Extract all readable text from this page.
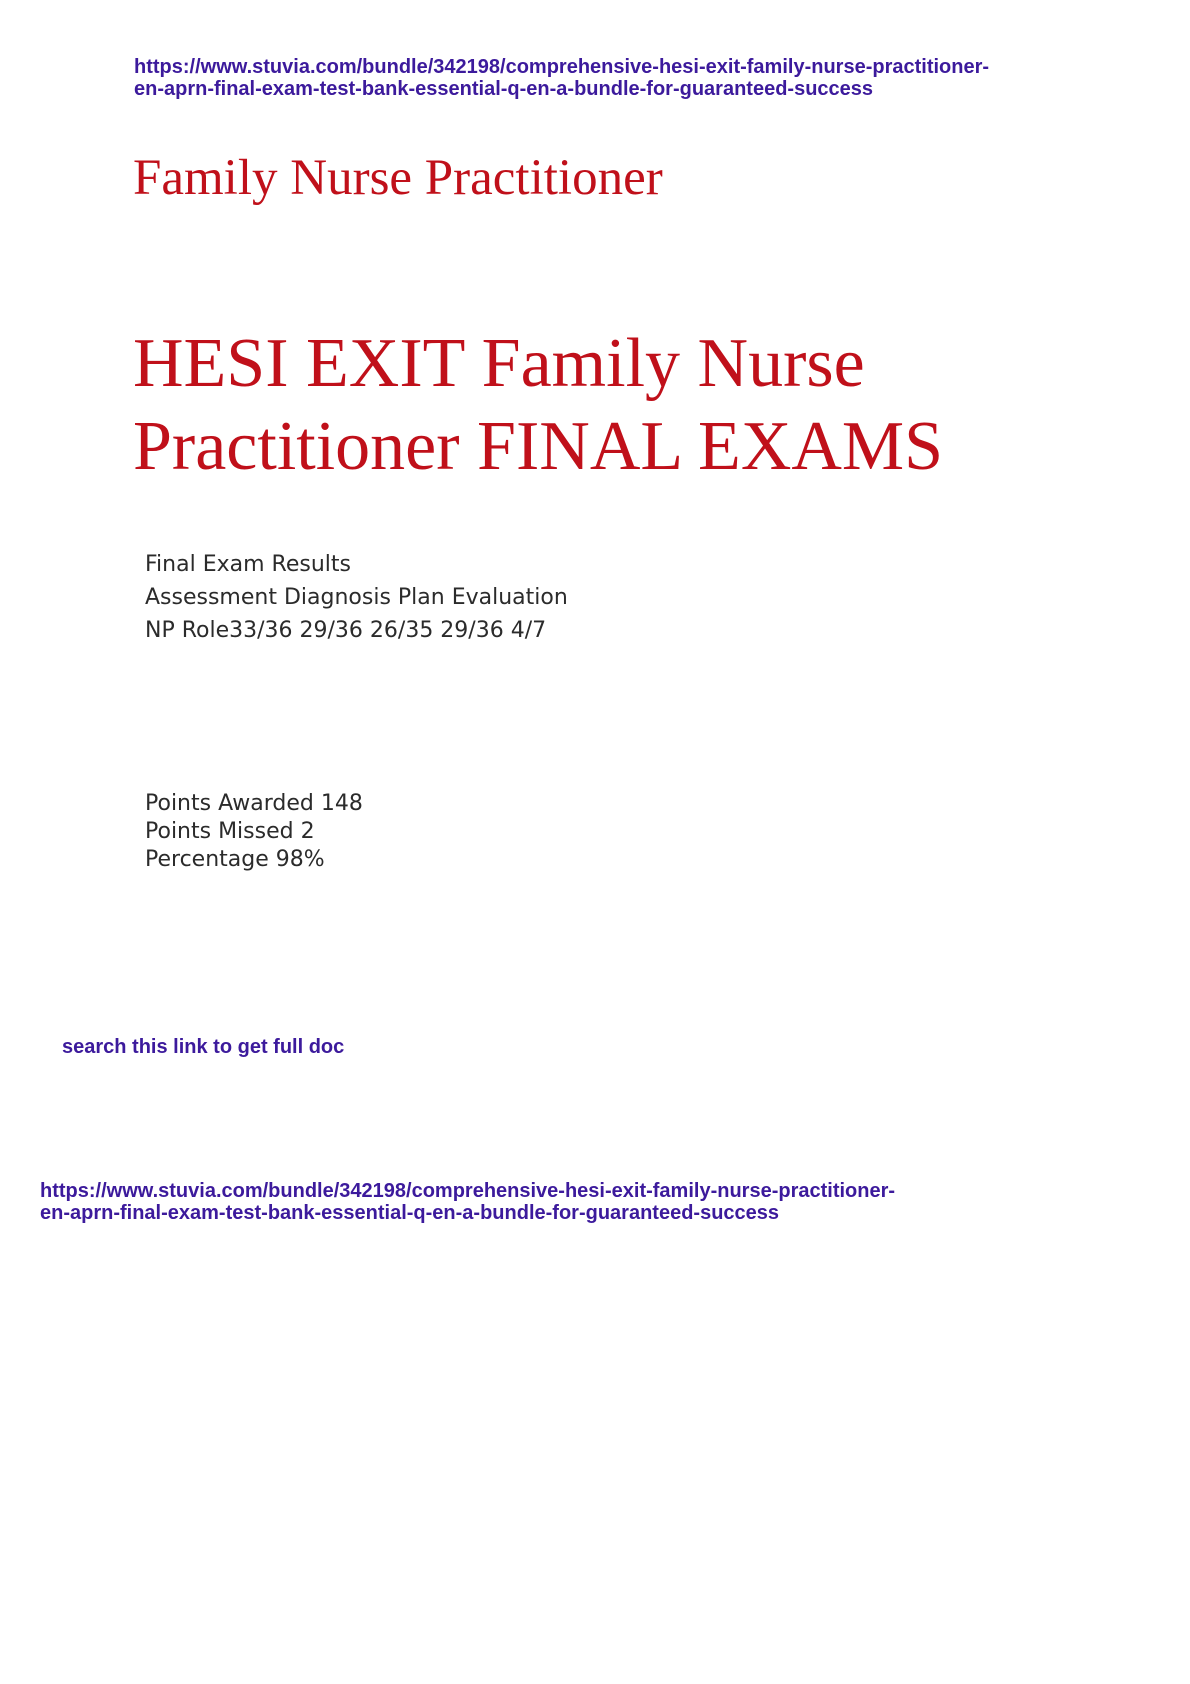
https://www.stuvia.com/bundle/342198/comprehensive-hesi-exit-family-nurse-practitioner-
en-aprn-final-exam-test-bank-essential-q-en-a-bundle-for-guaranteed-success
Family Nurse Practitioner
HESI EXIT Family Nurse
Practitioner FINAL EXAMS
Final Exam Results
Assessment Diagnosis Plan Evaluation
NP Role33/36 29/36 26/35 29/36 4/7
Points Awarded 148
Points Missed 2
Percentage 98%
search this link to get full doc
https://www.stuvia.com/bundle/342198/comprehensive-hesi-exit-family-nurse-practitioner-
en-aprn-final-exam-test-bank-essential-q-en-a-bundle-for-guaranteed-success
